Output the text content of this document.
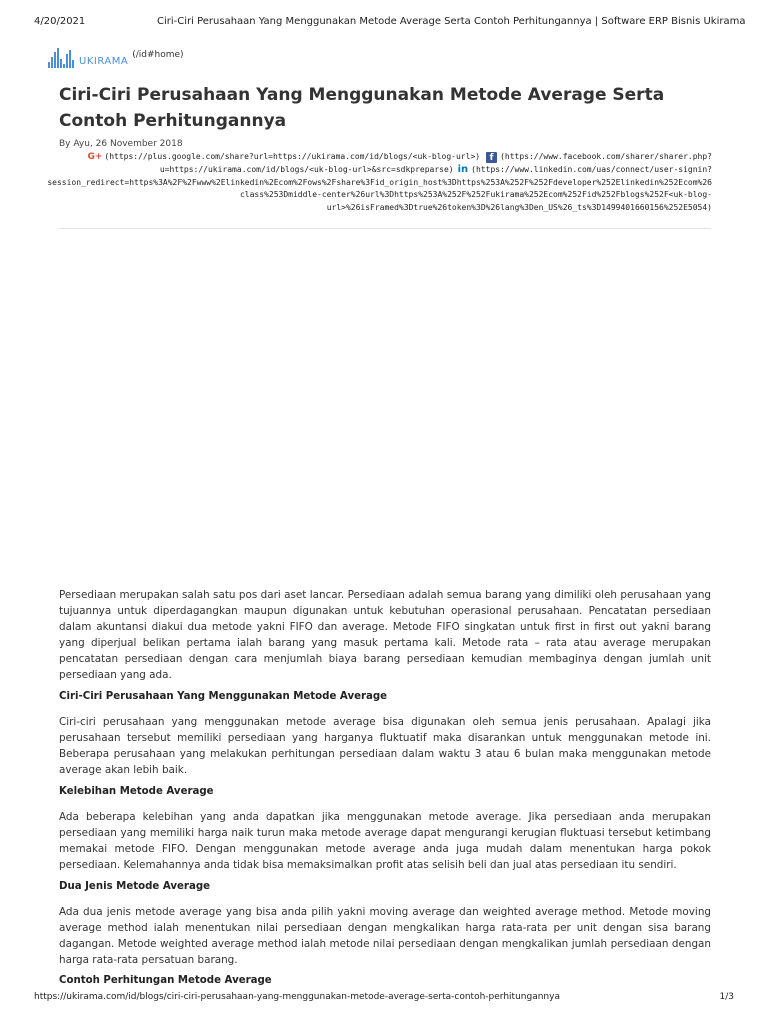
4/20/2021	Ciri-Ciri Perusahaan Yang Menggunakan Metode Average Serta Contoh Perhitungannya | Software ERP Bisnis Ukirama
UKIRAMA
(/id#home)
Ciri-Ciri Perusahaan Yang Menggunakan Metode Average Serta Contoh Perhitungannya
By Ayu, 26 November 2018
G+ (https://plus.google.com/share?url=https://ukirama.com/id/blogs/<uk-blog-url>)	f (https://www.facebook.com/sharer/sharer.php?
u=https://ukirama.com/id/blogs/<uk-blog-url>&src=sdkpreparse) in (https://www.linkedin.com/uas/connect/user-signin?
session_redirect=https%3A%2F%2Fwww%2Elinkedin%2Ecom%2Fows%2Fshare%3Fid_origin_host%3Dhttps%253A%252F%252Fdeveloper%252Elinkedin%252Ecom%26
class%253Dmiddle-center%26url%3Dhttps%253A%252F%252Fukirama%252Ecom%252Fid%252Fblogs%252F<uk-blog-
url>%26isFramed%3Dtrue%26token%3D%26lang%3Den_US%26_ts%3D1499401660156%252E5054)

Persediaan merupakan salah satu pos dari aset lancar. Persediaan adalah semua barang yang dimiliki oleh perusahaan yang tujuannya untuk diperdagangkan maupun digunakan untuk kebutuhan operasional perusahaan. Pencatatan persediaan dalam akuntansi diakui dua metode yakni FIFO dan average. Metode FIFO singkatan untuk first in first out yakni barang yang diperjual belikan pertama ialah barang yang masuk pertama kali. Metode rata – rata atau average merupakan pencatatan persediaan dengan cara menjumlah biaya barang persediaan kemudian membaginya dengan jumlah unit persediaan yang ada.

Ciri-Ciri Perusahaan Yang Menggunakan Metode Average

Ciri-ciri perusahaan yang menggunakan metode average bisa digunakan oleh semua jenis perusahaan. Apalagi jika perusahaan tersebut memiliki persediaan yang harganya fluktuatif maka disarankan untuk menggunakan metode ini. Beberapa perusahaan yang melakukan perhitungan persediaan dalam waktu 3 atau 6 bulan maka menggunakan metode average akan lebih baik.

Kelebihan Metode Average

Ada beberapa kelebihan yang anda dapatkan jika menggunakan metode average. Jika persediaan anda merupakan persediaan yang memiliki harga naik turun maka metode average dapat mengurangi kerugian fluktuasi tersebut ketimbang memakai metode FIFO. Dengan menggunakan metode average anda juga mudah dalam menentukan harga pokok persediaan. Kelemahannya anda tidak bisa memaksimalkan profit atas selisih beli dan jual atas persediaan itu sendiri.

Dua Jenis Metode Average

Ada dua jenis metode average yang bisa anda pilih yakni moving average dan weighted average method. Metode moving average method ialah menentukan nilai persediaan dengan mengkalikan harga rata-rata per unit dengan sisa barang dagangan. Metode weighted average method ialah metode nilai persediaan dengan mengkalikan jumlah persediaan dengan harga rata-rata persatuan barang.

Contoh Perhitungan Metode Average
https://ukirama.com/id/blogs/ciri-ciri-perusahaan-yang-menggunakan-metode-average-serta-contoh-perhitungannya	1/3
